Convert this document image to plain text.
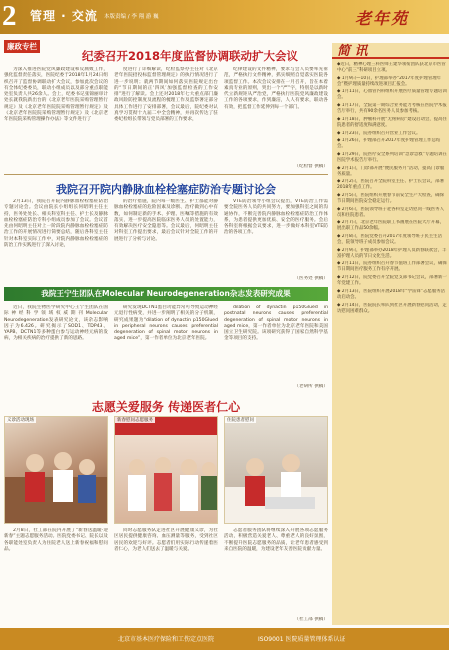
2	管理 · 交流 本版责编 / 李 翔 游 巍	老年苑
廉政专栏
纪委召开2018年度监督协调联动扩大会议
为深入推进医院党风廉政建设和反腐败工作，强化监督责任落实，医院纪委于2018年1月24日组织召开了监督协调联动扩大会议，参加此次会议的有全体纪委委员，联动小组成员以及部分重点职能处室负责人共26余人。会上，纪委书记张锦丽审计处长就我院新出台的《北京老年医院采购管理暂行规定》及《北京老年医院院采购管理暂行规定》及《北京老年医院院采购管理暂行规定》及《北京老年医院院采购管理操作办法》等文件进行了
度进行了详细解读，纪检监察办主任对《北京老年医院招投标监督管理规定》的执行情况进行了进一步说明；就两节期间如何落实医院规定出台的“节日期间的正‘四风’加强监督检查的工作安排”进行了解读。会上还对2018年七大重点部门廉政风险防控制度及流程的梳理工作及监察署定部分具体工作进行了安排部署，会议最后，院纪委对认真学习贯彻十九届二中全会精神，并再次传达了驻委纪检组长带领与党员部署的工作要求，
纪律建设的文件精神，要求与会人员要率先垂范，严格执行文件精神，抓实细照自觉落实医院各项监督工作。本次会议安排在一月召开，旨在本着素真专业的原则，突出一个“严”字，特别是以新时代立新规矩从严治党，严格执行医院党风廉政建设工作的各项要求，作到廉洁，人人有要求，联动各有效，把监督工作延伸到每一个部门。
（纪检督 供稿）
我院召开院内静脉血栓栓塞症防治专题讨论会
2月13日，我院召开院内静脉血栓栓塞症防治专题讨论会。会议由院长小组组长何昭明主任主持，医务处处长、相关科室科主任、护士长及静脉血栓栓塞症防治专科小组成员参加了会议。会议首先由何昭明主任对上一阶段院内静脉血栓栓塞症防治工作的开展情况进行简要总结，随后各科室主任针对本科室实际工作中，对院内静脉血栓栓塞症的防治工作实践进行了深入讨论，
的治疗措施，院内每一级医生、护士都能对静脉血栓栓塞症的危险因素及诊断、治疗做到心中有数，如何制定新的手术、护理、医嘱等措施的有效落实，进一步提高医院临床医务人员的处置能力，有效解决医疗安全隐患等。会议最后，何昭明主任对科室工作提出要求，最后会议针对全院工作的开展进行了分析与讨论。
VTE防治领导小组会议提出，VTE防治工作需要全院医务人员的共同努力，要加强科室之间的沟通协作，不断完善院内静脉血栓栓塞症防治工作体系，为患者提供更加优质、安全的医疗服务。会后各科室将根据会议要求，进一步做好本科室VTE防治的各项工作。
（医务处 供稿）
我院王宁生团队在Molecular Neurodegeneration杂志发表研究成果
近日，我院生物医学研究中心王宁生团队在国际神经科学领域权威期刊Molecular Neurodegeneration发表研究论文，该杂志影响因子为6.426。研究揭示了SOD1、TDP43、YAPB、DCTN1等多种蛋白参与运动神经元病的发病，为相关疾病的治疗提供了新的思路。
研究发现DCTN1蛋白功能异常可导致运动神经元退行性病变，并进一步阐明了相关的分子机制，研究成果题为“dilation of dynactin p150Glued in peripheral neurons causes preferential degeneration of spinal motor neurons in aged mice”，第一作者单位为北京老年医院。
dilation of dynactin p150Glued in postnatal neurons causes preferential degeneration of spinal motor neurons in aged mice，第一作者单位为北京老年医院和美国国立卫生研究院。该项研究获得了国家自然科学基金等项目的支持。
（老研所 供稿）
志愿关爱服务 传递医者仁心
义诊活动现场	新春慰问志愿服务	住院患者慰问
2月8日，社工部在院内开展了“新春送温暖·迎新春”主题志愿服务活动。医院党委书记、院长以及各职能处室负责人为住院老人送上新春祝福和慰问品。
同时志愿服务队走进社区开展健康义诊，为社区居民提供健康咨询、血压测量等服务，受到社区居民的欢迎与好评。志愿者们用实际行动传递着医者仁心，为老人们送去了温暖与关爱。
志愿者服务团队将继续深入开展各项志愿服务活动，积极营造关爱老人、尊重老人的良好氛围，不断提升医院志愿服务的品质，让老年患者感受到来自医院的温暖，为建设老年友善医院贡献力量。
（社工部 供稿）
简 讯
◆近日，精神心理三科医师王建华领衔团队获北京市医管中心“前三”科研项目立项。
◆ 1月9日—10日，护理部举办“2017年度护理管理年会”暨护理质量持续改进项目汇报会。
◆ 1月11日，心血管内科组织开展医疗质量管理专题培训会。
◆ 1月17日，全院第一期综合业务能力考核在医院学术报告厅举行，共有90余名医务人员参加考核。
◆ 1月18日，肿瘤科开展“无疼病房”建设启动会，提高住院患者的舒适度和满意度。
◆ 1月23日，院办组织召开营业工作会议。
◆ 1月26日，护理部召开2017年度护理管理工作总结会。
◆ 1月29日，院医疗安全系列培训“急诊急救”专题培训在医院学术报告厅举行。
◆ 2月1日，门诊部开展“便民服务月”活动，提高门诊服务质量。
◆ 2月2日，医院召开全院科室主任、护士长会议，部署2018年重点工作。
◆ 2月5日，医院组织开展春节前安全生产大检查，确保节日期间医院安全稳定运行。
◆ 2月6日，医院领导班子赴各科室走访慰问一线医务人员和住院患者。
◆ 2月7日，北京老年医院职工书画展在医院大厅开幕，展出职工作品50余幅。
◆ 2月8日，医院党委召开2017年度领导班子民主生活会，院领导班子成员参加会议。
◆ 2月9日，护理部举办2018年护理人员新春联欢会，丰富护理人员的节日文化生活。
◆ 2月11日，院办组织召开春节值班工作部署会议，确保节日期间医疗服务工作有序开展。
◆ 2月12日，院党委召开全院党支部书记会议，部署新一年党建工作。
◆ 2月13日，医院组织开展2018年“学雷锋”志愿服务活动启动会。
◆ 2月14日，医院院长率队到社区开展新春慰问活动，走访慰问困难群众。
北京市基本医疗保险和工伤定点医院	ISO9001 医院质量管理体系认证
